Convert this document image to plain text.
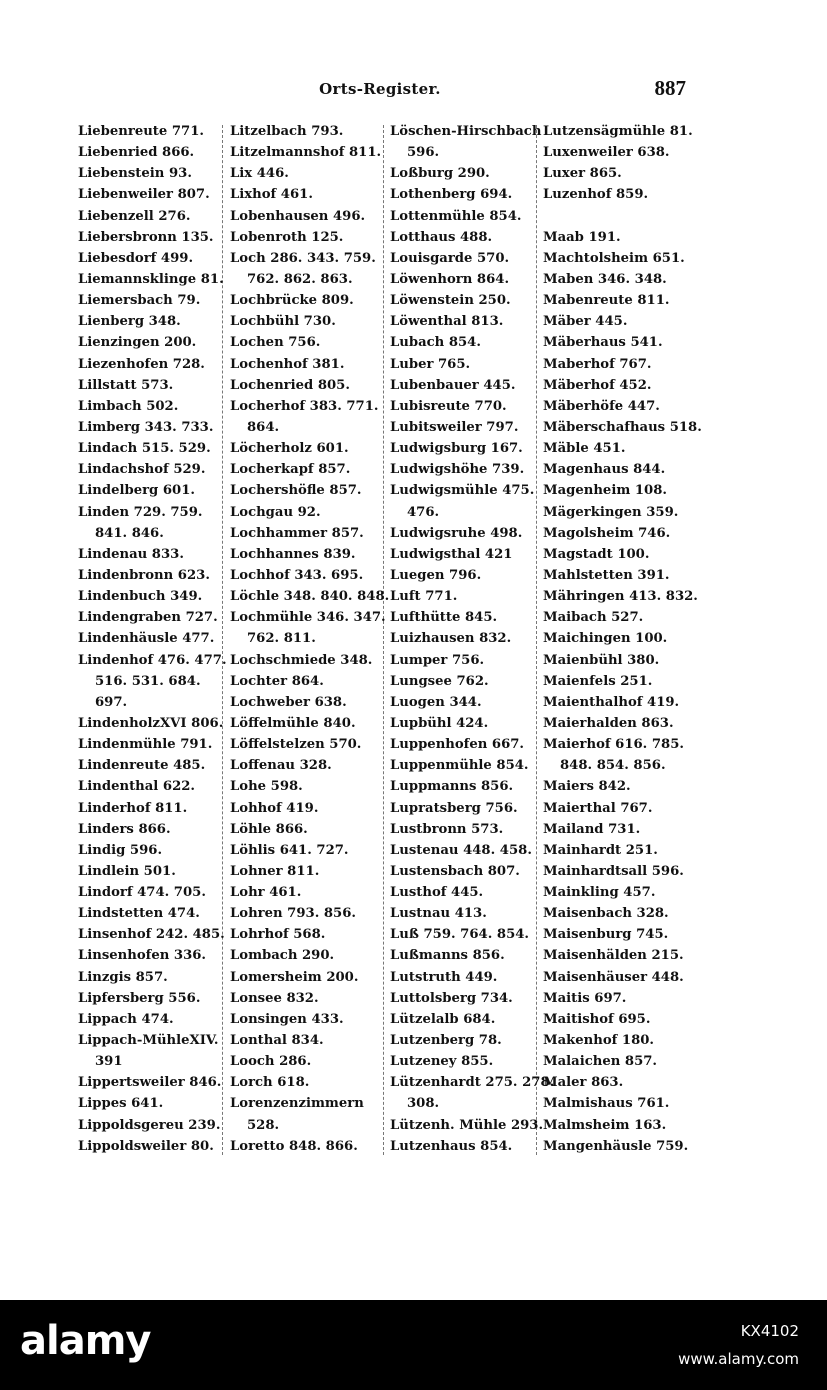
Orts-Register.	887
Liebenreute 771.
Liebenried 866.
Liebenstein 93.
Liebenweiler 807.
Liebenzell 276.
Liebersbronn 135.
Liebesdorf 499.
Liemannsklinge 81.
Liemersbach 79.
Lienberg 348.
Lienzingen 200.
Liezenhofen 728.
Lillstatt 573.
Limbach 502.
Limberg 343. 733.
Lindach 515. 529.
Lindachshof 529.
Lindelberg 601.
Linden 729. 759.
841. 846.
Lindenau 833.
Lindenbronn 623.
Lindenbuch 349.
Lindengraben 727.
Lindenhäusle 477.
Lindenhof 476. 477.
516. 531. 684.
697.
LindenholzXVI 806.
Lindenmühle 791.
Lindenreute 485.
Lindenthal 622.
Linderhof 811.
Linders 866.
Lindig 596.
Lindlein 501.
Lindorf 474. 705.
Lindstetten 474.
Linsenhof 242. 485.
Linsenhofen 336.
Linzgis 857.
Lipfersberg 556.
Lippach 474.
Lippach-MühleXIV.
391
Lippertsweiler 846.
Lippes 641.
Lippoldsgereu 239.
Lippoldsweiler 80.
Litzelbach 793.
Litzelmannshof 811.
Lix 446.
Lixhof 461.
Lobenhausen 496.
Lobenroth 125.
Loch 286. 343. 759.
762. 862. 863.
Lochbrücke 809.
Lochbühl 730.
Lochen 756.
Lochenhof 381.
Lochenried 805.
Locherhof 383. 771.
864.
Löcherholz 601.
Locherkapf 857.
Lochershöfle 857.
Lochgau 92.
Lochhammer 857.
Lochhannes 839.
Lochhof 343. 695.
Löchle 348. 840. 848.
Lochmühle 346. 347.
762. 811.
Lochschmiede 348.
Lochter 864.
Lochweber 638.
Löffelmühle 840.
Löffelstelzen 570.
Loffenau 328.
Lohe 598.
Lohhof 419.
Löhle 866.
Löhlis 641. 727.
Lohner 811.
Lohr 461.
Lohren 793. 856.
Lohrhof 568.
Lombach 290.
Lomersheim 200.
Lonsee 832.
Lonsingen 433.
Lonthal 834.
Looch 286.
Lorch 618.
Lorenzenzimmern
528.
Loretto 848. 866.
Löschen-Hirschbach
596.
Loßburg 290.
Lothenberg 694.
Lottenmühle 854.
Lotthaus 488.
Louisgarde 570.
Löwenhorn 864.
Löwenstein 250.
Löwenthal 813.
Lubach 854.
Luber 765.
Lubenbauer 445.
Lubisreute 770.
Lubitsweiler 797.
Ludwigsburg 167.
Ludwigshöhe 739.
Ludwigsmühle 475.
476.
Ludwigsruhe 498.
Ludwigsthal 421
Luegen 796.
Luft 771.
Lufthütte 845.
Luizhausen 832.
Lumper 756.
Lungsee 762.
Luogen 344.
Lupbühl 424.
Luppenhofen 667.
Luppenmühle 854.
Luppmanns 856.
Lupratsberg 756.
Lustbronn 573.
Lustenau 448. 458.
Lustensbach 807.
Lusthof 445.
Lustnau 413.
Luß 759. 764. 854.
Lußmanns 856.
Lutstruth 449.
Luttolsberg 734.
Lützelalb 684.
Lutzenberg 78.
Lutzeney 855.
Lützenhardt 275. 278.
308.
Lützenh. Mühle 293.
Lutzenhaus 854.
Lutzensägmühle 81.
Luxenweiler 638.
Luxer 865.
Luzenhof 859.
Maab 191.
Machtolsheim 651.
Maben 346. 348.
Mabenreute 811.
Mäber 445.
Mäberhaus 541.
Maberhof 767.
Mäberhof 452.
Mäberhöfe 447.
Mäberschafhaus 518.
Mäble 451.
Magenhaus 844.
Magenheim 108.
Mägerkingen 359.
Magolsheim 746.
Magstadt 100.
Mahlstetten 391.
Mähringen 413. 832.
Maibach 527.
Maichingen 100.
Maienbühl 380.
Maienfels 251.
Maienthalhof 419.
Maierhalden 863.
Maierhof 616. 785.
848. 854. 856.
Maiers 842.
Maierthal 767.
Mailand 731.
Mainhardt 251.
Mainhardtsall 596.
Mainkling 457.
Maisenbach 328.
Maisenburg 745.
Maisenhälden 215.
Maisenhäuser 448.
Maitis 697.
Maitishof 695.
Makenhof 180.
Malaichen 857.
Maler 863.
Malmishaus 761.
Malmsheim 163.
Mangenhäusle 759.
alamy	KX4102
www.alamy.com
